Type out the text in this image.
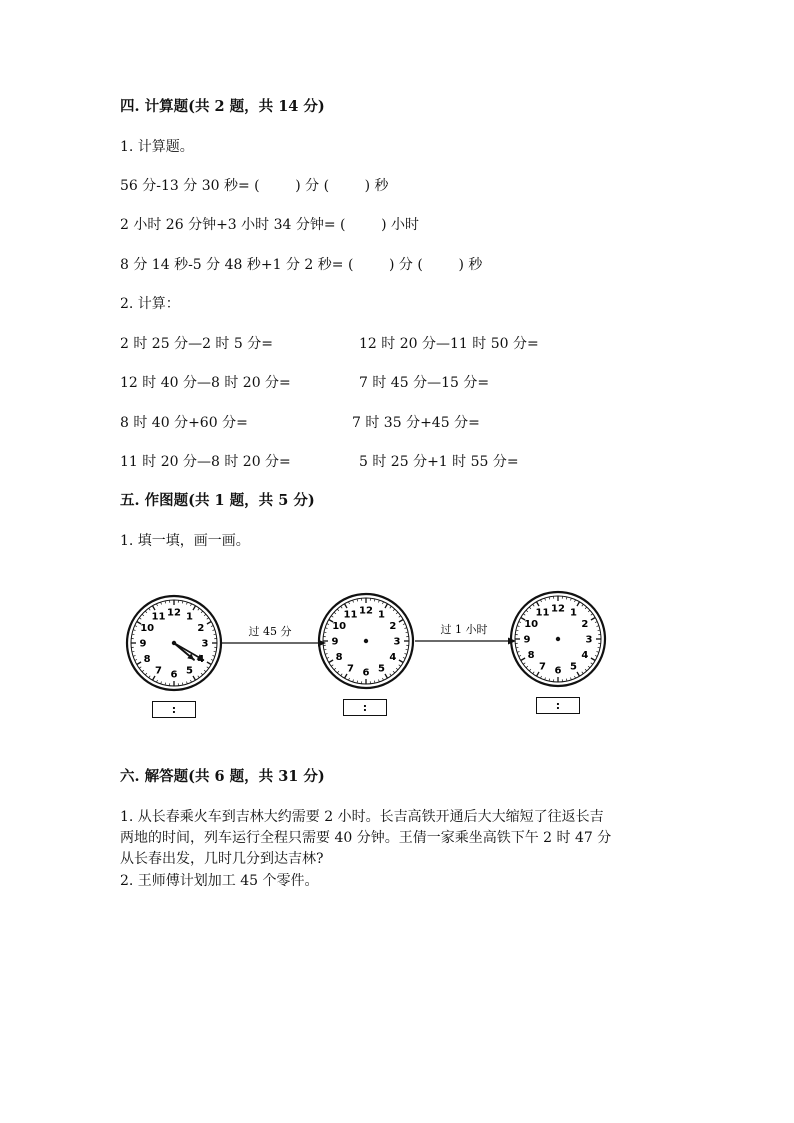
四. 计算题(共 2 题，共 14 分)
1. 计算题。
56 分-13 分 30 秒= (        ) 分 (        ) 秒
2 小时 26 分钟+3 小时 34 分钟= (        ) 小时
8 分 14 秒-5 分 48 秒+1 分 2 秒= (        ) 分 (        ) 秒
2. 计算：
2 时 25 分—2 时 5 分=	12 时 20 分—11 时 50 分=
12 时 40 分—8 时 20 分=	7 时 45 分—15 分=
8 时 40 分+60 分=	7 时 35 分+45 分=
11 时 20 分—8 时 20 分=	5 时 25 分+1 时 55 分=
五. 作图题(共 1 题，共 5 分)
1. 填一填，画一画。
12 1
2
3
5
6
7
8
9
10
11
12 1
2
3
4
5
6
7
8
9
10
11
12 1
2
3
4
5
6
7
8
9
10
11
过 45 分	过 1 小时
:	:	:
六. 解答题(共 6 题，共 31 分)
1. 从长春乘火车到吉林大约需要 2 小时。长吉高铁开通后大大缩短了往返长吉
两地的时间，列车运行全程只需要 40 分钟。王倩一家乘坐高铁下午 2 时 47 分
从长春出发，几时几分到达吉林?
2. 王师傅计划加工 45 个零件。
